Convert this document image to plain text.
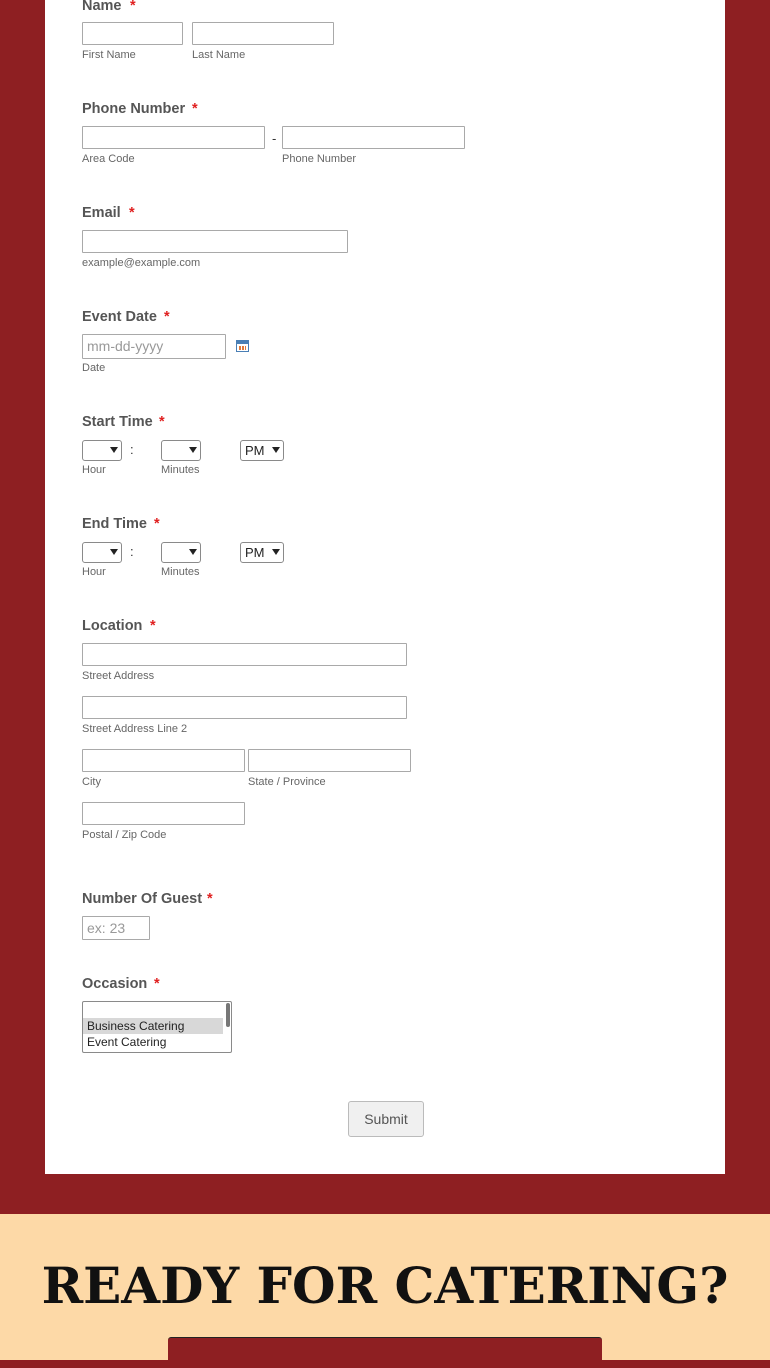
Name *
First Name	Last Name
Phone Number *
-
Area Code	Phone Number
Email *
example@example.com
Event Date *
mm-dd-yyyy
Date
Start Time *
:	PM
Hour	Minutes
End Time *
:	PM
Hour	Minutes
Location *
Street Address
Street Address Line 2
City	State / Province
Postal / Zip Code
Number Of Guest *
ex: 23
Occasion *
Business Catering
Event Catering
Submit
READY FOR CATERING?
